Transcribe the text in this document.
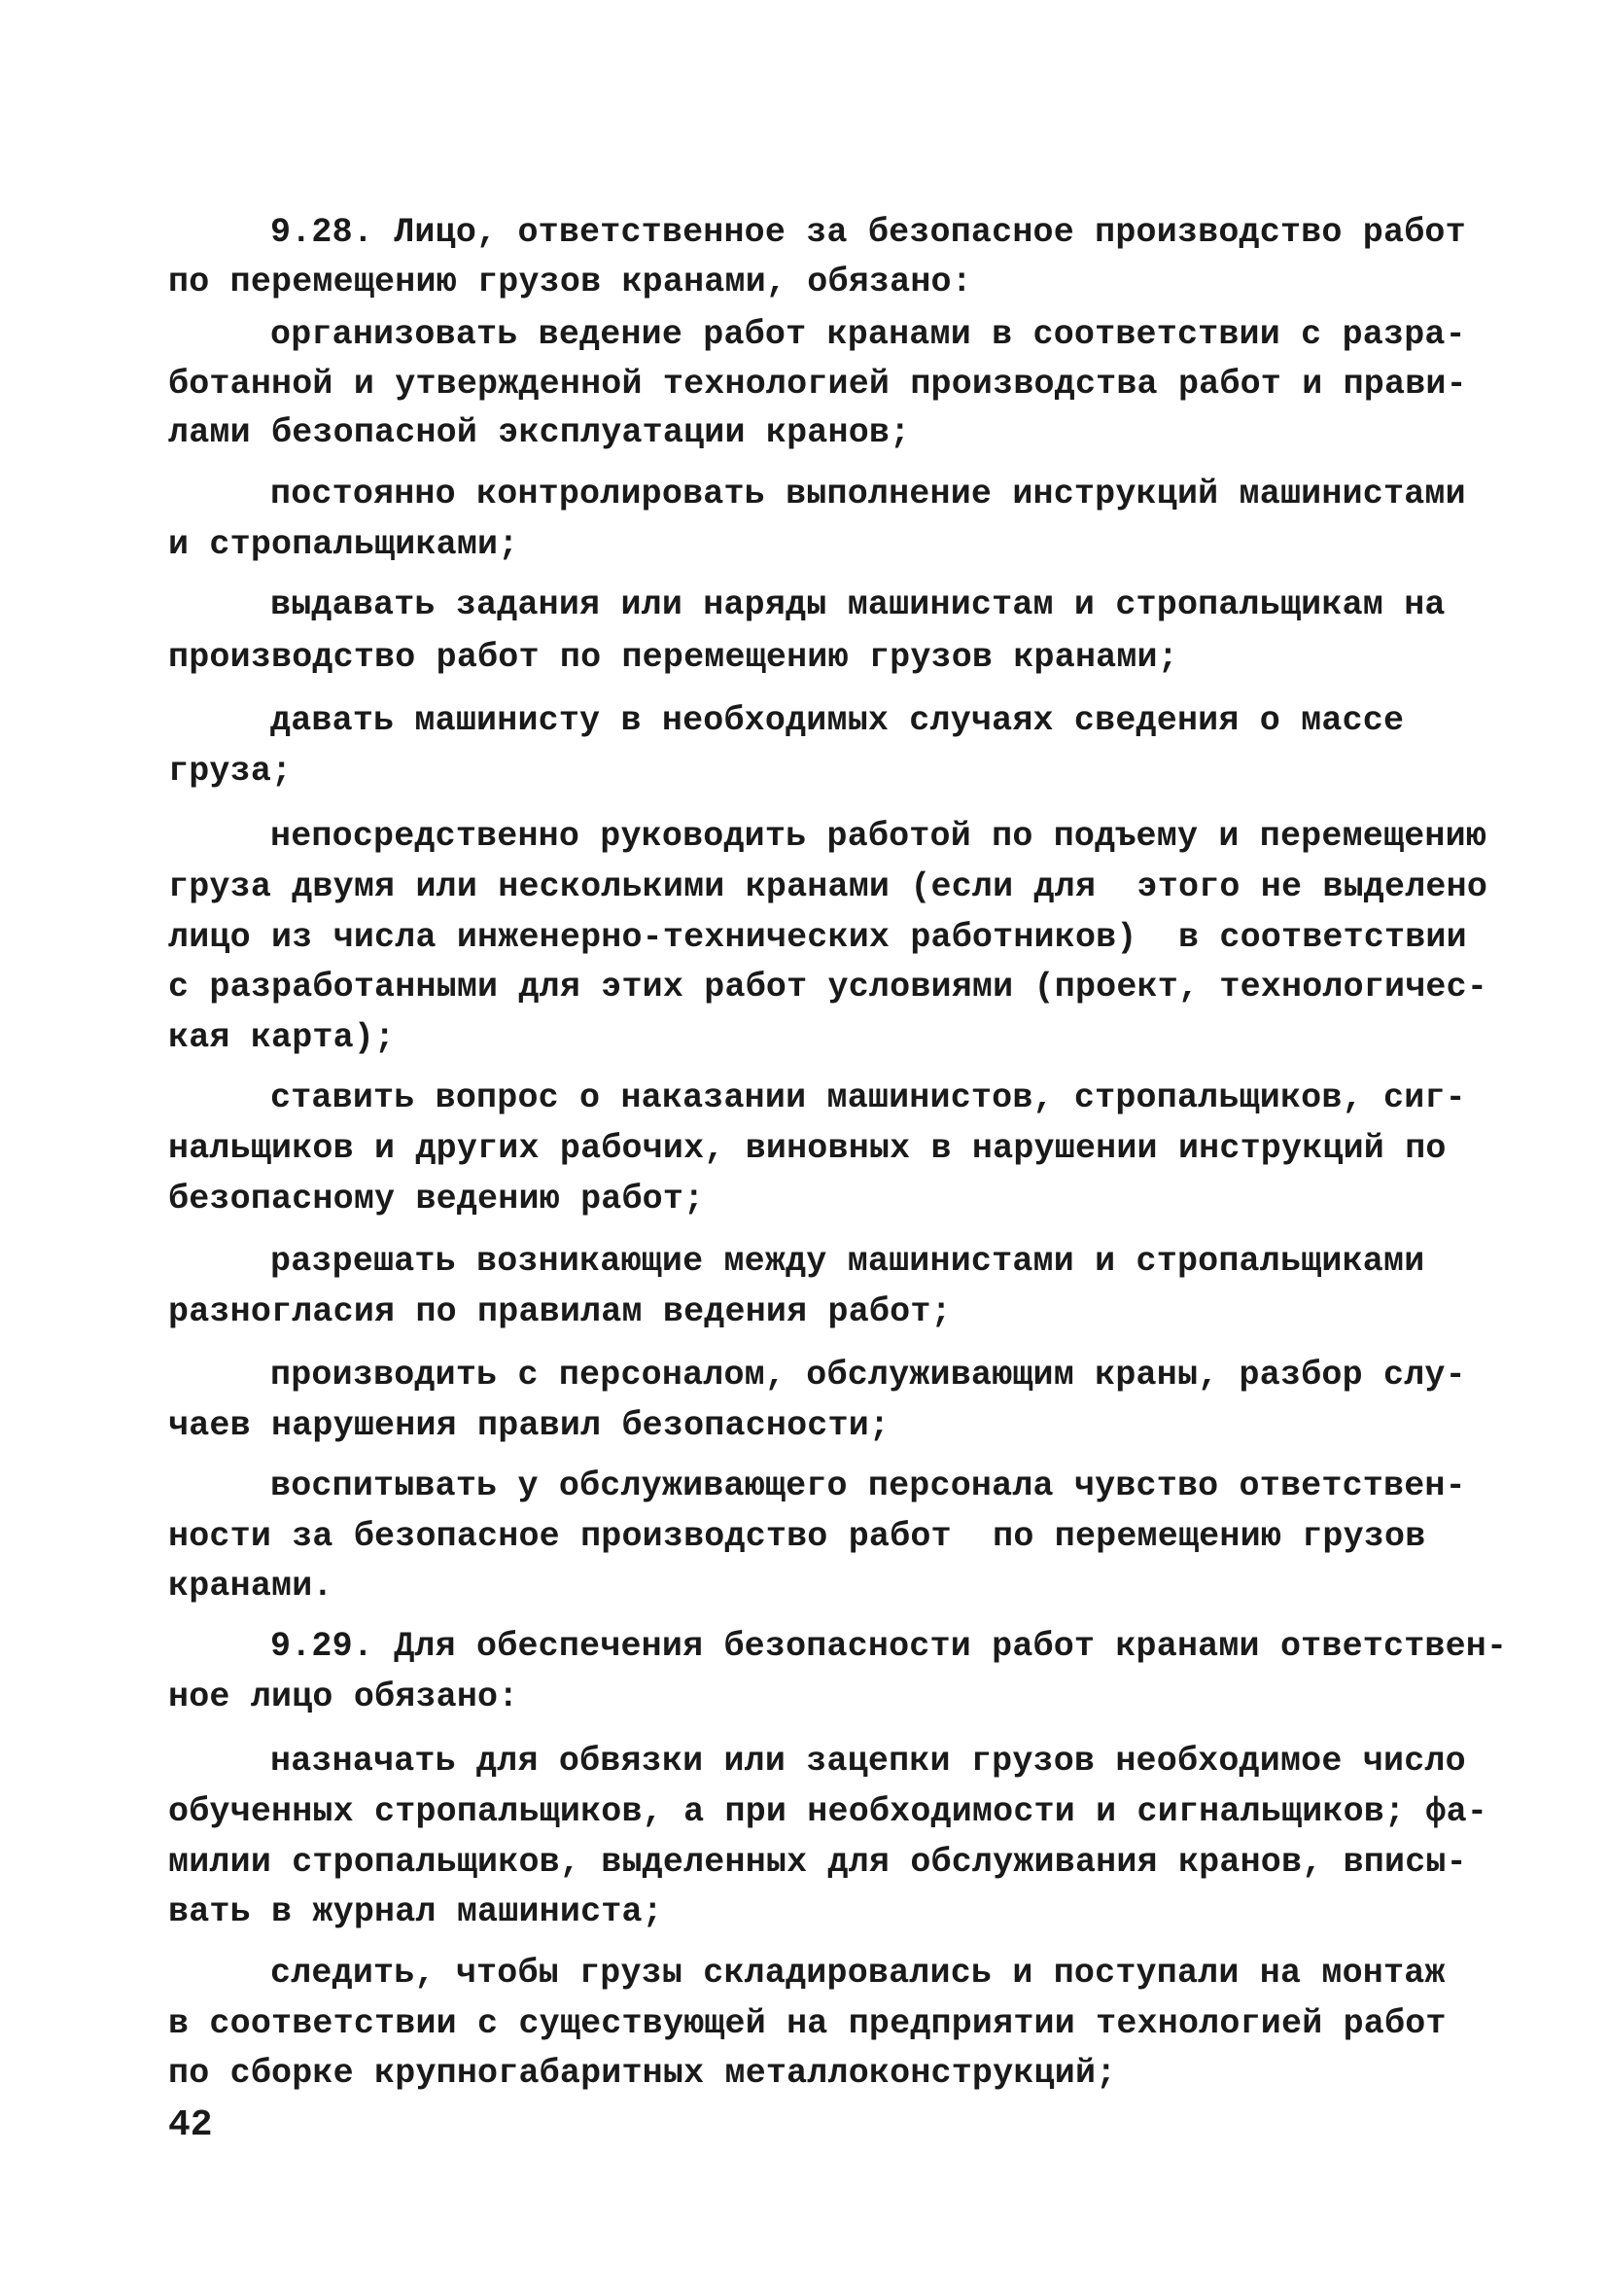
9.28. Лицо, ответственное за безопасное производство работ
по перемещению грузов кранами, обязано:
организовать ведение работ кранами в соответствии с разра-
ботанной и утвержденной технологией производства работ и прави-
лами безопасной эксплуатации кранов;
постоянно контролировать выполнение инструкций машинистами
и стропальщиками;
выдавать задания или наряды машинистам и стропальщикам на
производство работ по перемещению грузов кранами;
давать машинисту в необходимых случаях сведения о массе
груза;
непосредственно руководить работой по подъему и перемещению
груза двумя или несколькими кранами (если для  этого не выделено
лицо из числа инженерно-технических работников)  в соответствии
с разработанными для этих работ условиями (проект, технологичес-
кая карта);
ставить вопрос о наказании машинистов, стропальщиков, сиг-
нальщиков и других рабочих, виновных в нарушении инструкций по
безопасному ведению работ;
разрешать возникающие между машинистами и стропальщиками
разногласия по правилам ведения работ;
производить с персоналом, обслуживающим краны, разбор слу-
чаев нарушения правил безопасности;
воспитывать у обслуживающего персонала чувство ответствен-
ности за безопасное производство работ  по перемещению грузов
кранами.
9.29. Для обеспечения безопасности работ кранами ответствен-
ное лицо обязано:
назначать для обвязки или зацепки грузов необходимое число
обученных стропальщиков, а при необходимости и сигнальщиков; фа-
милии стропальщиков, выделенных для обслуживания кранов, вписы-
вать в журнал машиниста;
следить, чтобы грузы складировались и поступали на монтаж
в соответствии с существующей на предприятии технологией работ
по сборке крупногабаритных металлоконструкций;
42
